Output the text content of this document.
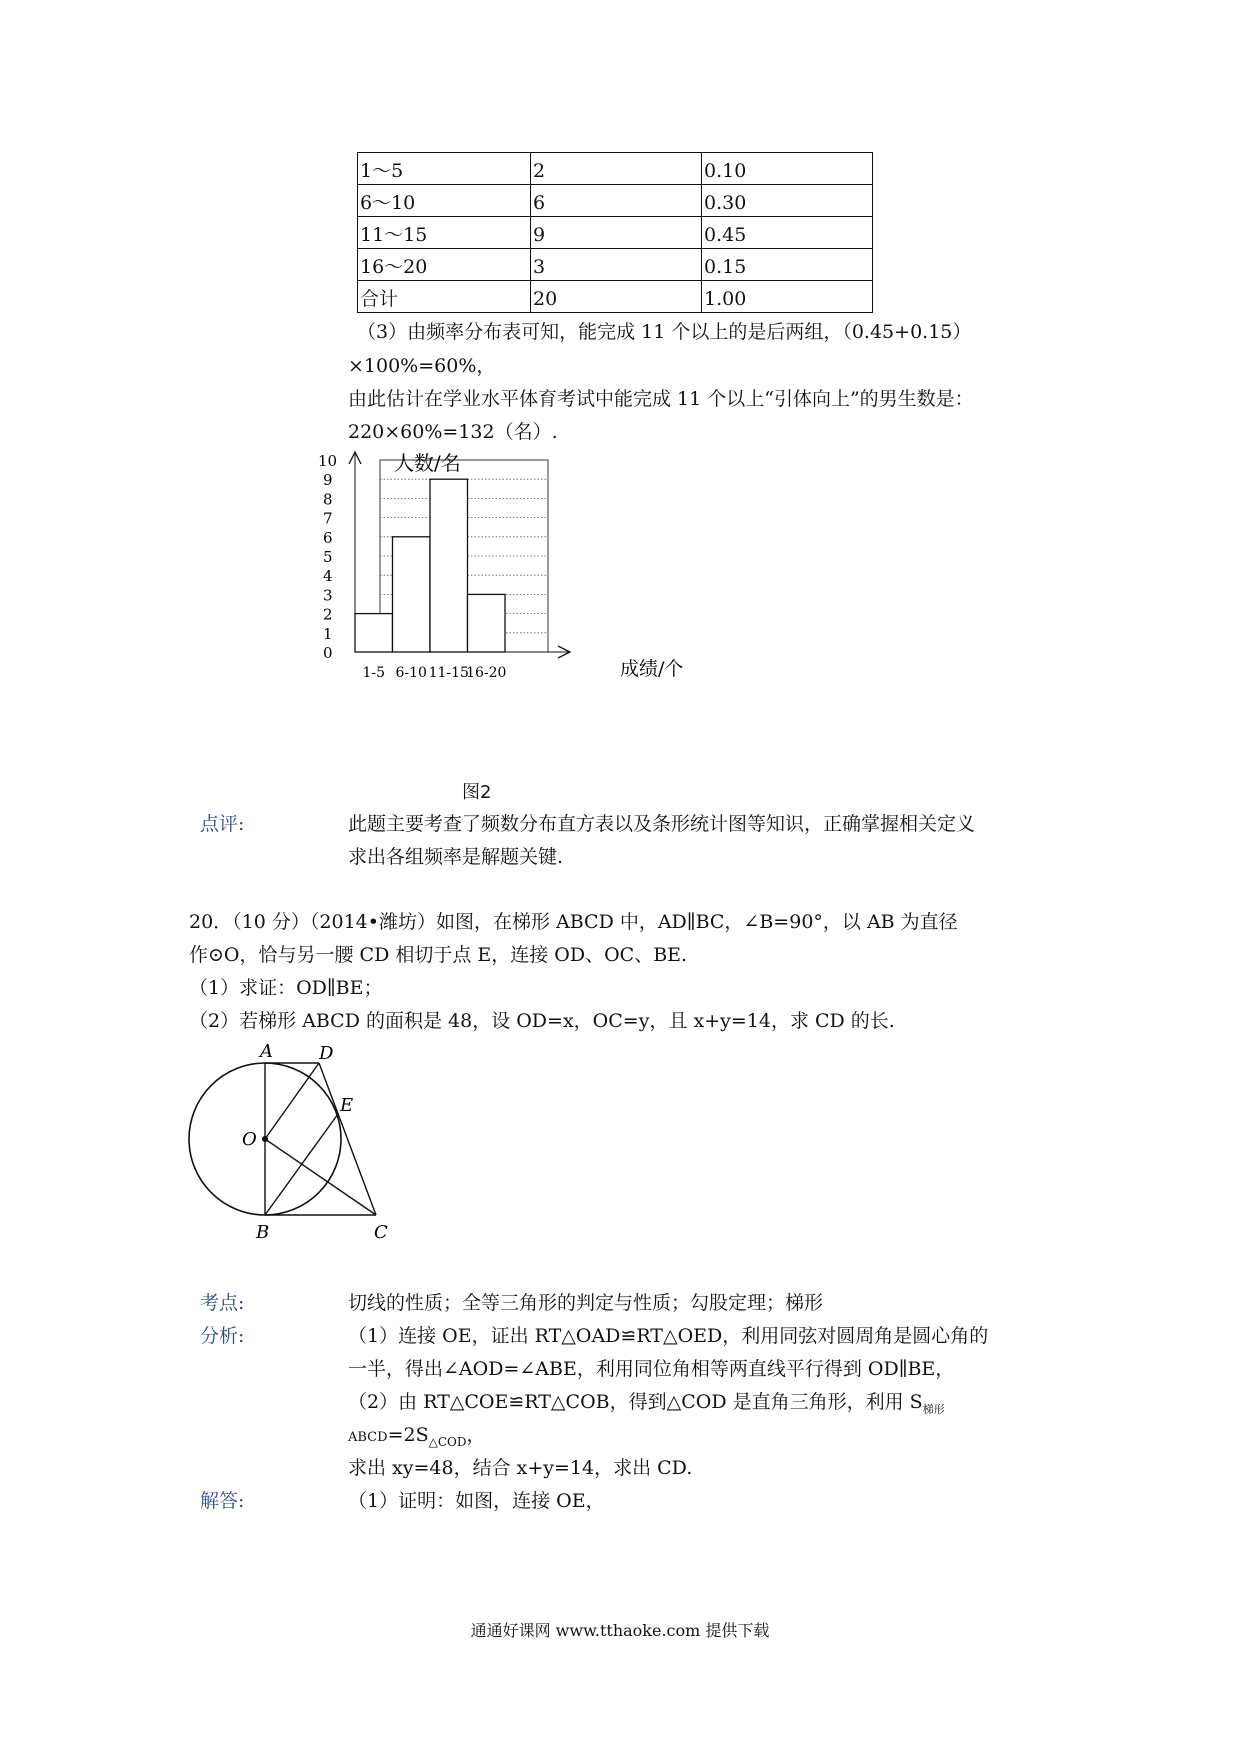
1～5	2	0.10
6～10	6	0.30
11～15	9	0.45
16～20	3	0.15
合计	20	1.00
（3）由频率分布表可知，能完成 11 个以上的是后两组，（0.45+0.15）
×100%=60%，
由此估计在学业水平体育考试中能完成 11 个以上“引体向上”的男生数是：
220×60%=132（名）.
0
1
2
3
4
5
6
7
8
9
10
1-5 6-10 11-15
16-20
人数/名
成绩/个
图2
点评:	此题主要考查了频数分布直方表以及条形统计图等知识，正确掌握相关定义
求出各组频率是解题关键.
20．（10 分）（2014•潍坊）如图，在梯形 ABCD 中，AD∥BC，∠B=90°，以 AB 为直径
作⊙O，恰与另一腰 CD 相切于点 E，连接 OD、OC、BE.
（1）求证：OD∥BE；
（2）若梯形 ABCD 的面积是 48，设 OD=x，OC=y，且 x+y=14，求 CD 的长.
A	D
E
O
B	C
考点:	切线的性质；全等三角形的判定与性质；勾股定理；梯形
分析:	（1）连接 OE，证出 RT△OAD≌RT△OED，利用同弦对圆周角是圆心角的
一半，得出∠AOD=∠ABE，利用同位角相等两直线平行得到 OD∥BE，
（2）由 RT△COE≌RT△COB，得到△COD 是直角三角形，利用 $S_{梯形}$
$ABCD=2S_{\triangle COD}$，
求出 xy=48，结合 x+y=14，求出 CD.
解答:	（1）证明：如图，连接 OE，
通通好课网 www.tthaoke.com 提供下载
